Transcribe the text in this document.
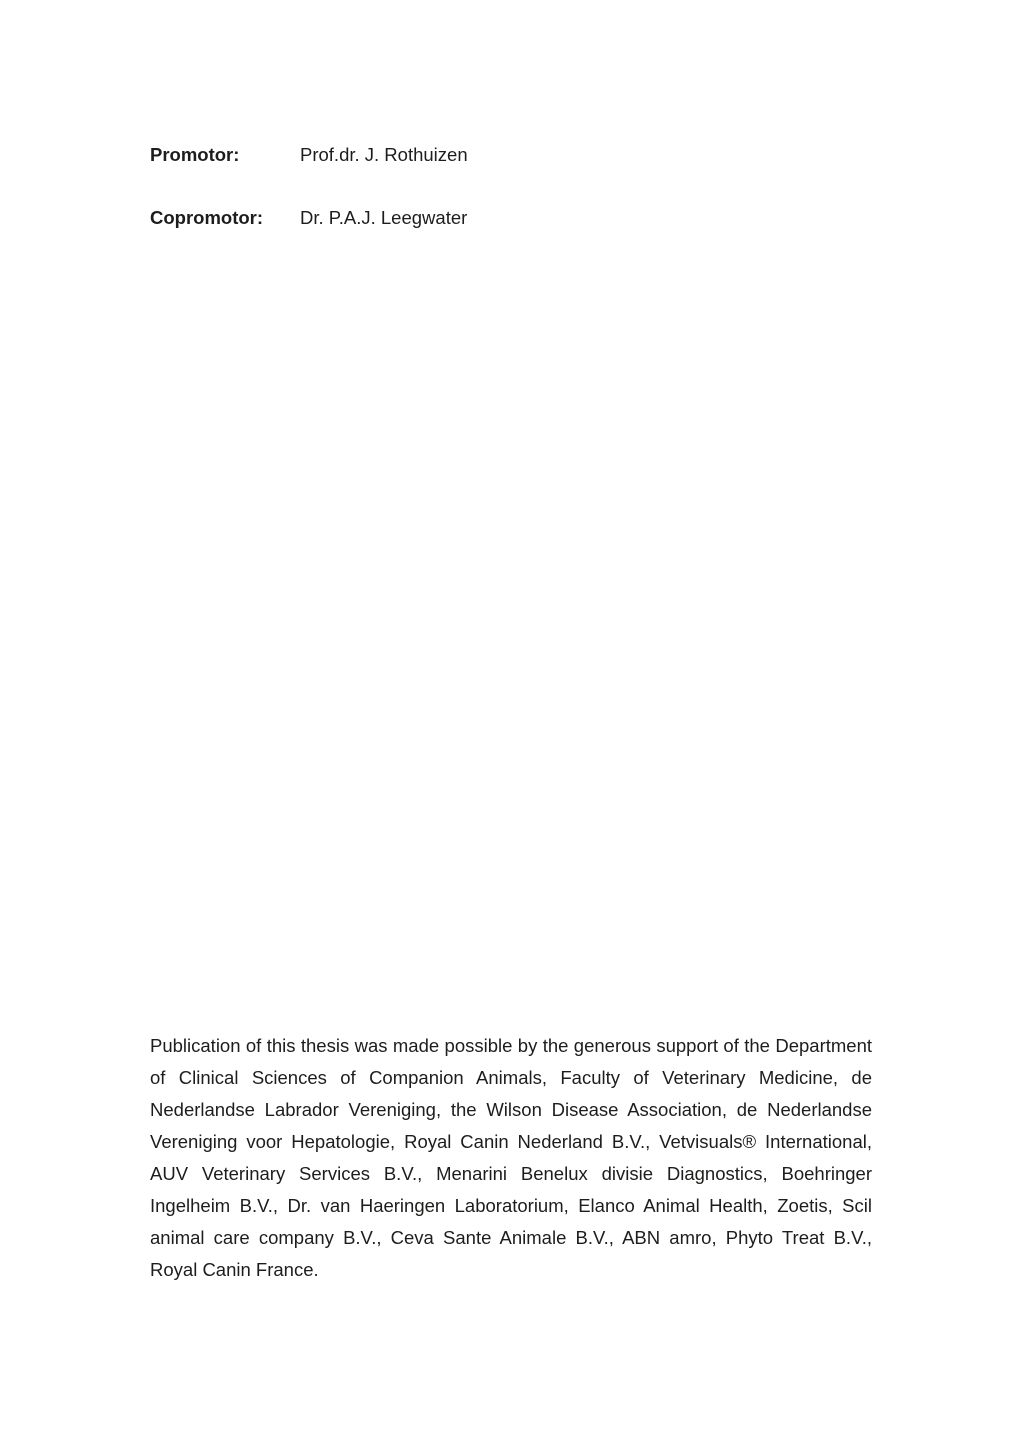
Promotor:	Prof.dr. J. Rothuizen
Copromotor:	Dr. P.A.J. Leegwater

Publication of this thesis was made possible by the generous support of the Department of Clinical Sciences of Companion Animals, Faculty of Veterinary Medicine, de Nederlandse Labrador Vereniging, the Wilson Disease Association, de Nederlandse Vereniging voor Hepatologie, Royal Canin Nederland B.V., Vetvisuals® International, AUV Veterinary Services B.V., Menarini Benelux divisie Diagnostics, Boehringer Ingelheim B.V., Dr. van Haeringen Laboratorium, Elanco Animal Health, Zoetis, Scil animal care company B.V., Ceva Sante Animale B.V., ABN amro, Phyto Treat B.V., Royal Canin France.
